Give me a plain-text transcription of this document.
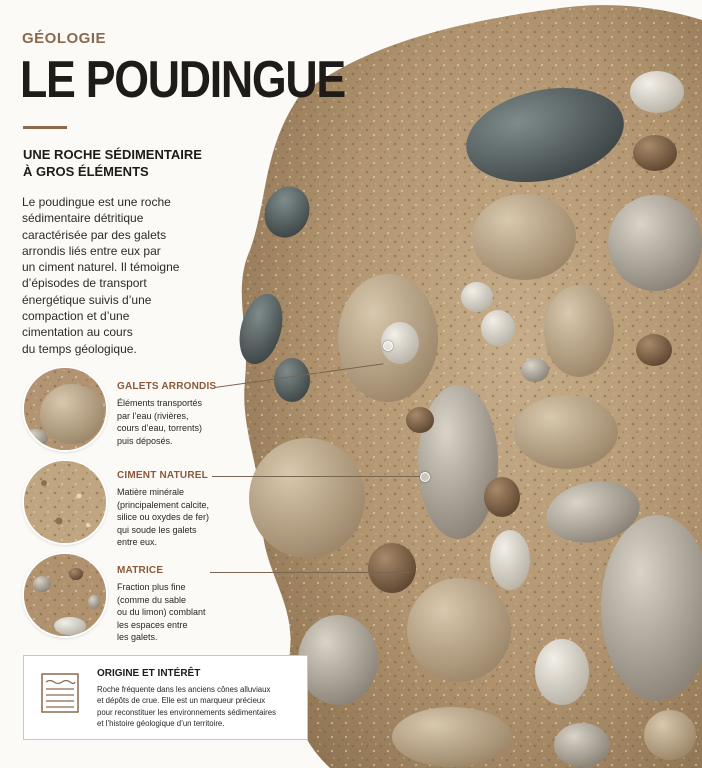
GÉOLOGIE
LE POUDINGUE
UNE ROCHE SÉDIMENTAIRE
À GROS ÉLÉMENTS

Le poudingue est une roche
sédimentaire détritique
caractérisée par des galets
arrondis liés entre eux par
un ciment naturel. Il témoigne
d’épisodes de transport
énergétique suivis d’une
compaction et d’une
cimentation au cours
du temps géologique.

GALETS ARRONDIS

Éléments transportés
par l’eau (rivières,
cours d’eau, torrents)
puis déposés.

CIMENT NATUREL

Matière minérale
(principalement calcite,
silice ou oxydes de fer)
qui soude les galets
entre eux.

MATRICE

Fraction plus fine
(comme du sable
ou du limon) comblant
les espaces entre
les galets.

ORIGINE ET INTÉRÊT

Roche fréquente dans les anciens cônes alluviaux
et dépôts de crue. Elle est un marqueur précieux
pour reconstituer les environnements sédimentaires
et l’histoire géologique d’un territoire.
